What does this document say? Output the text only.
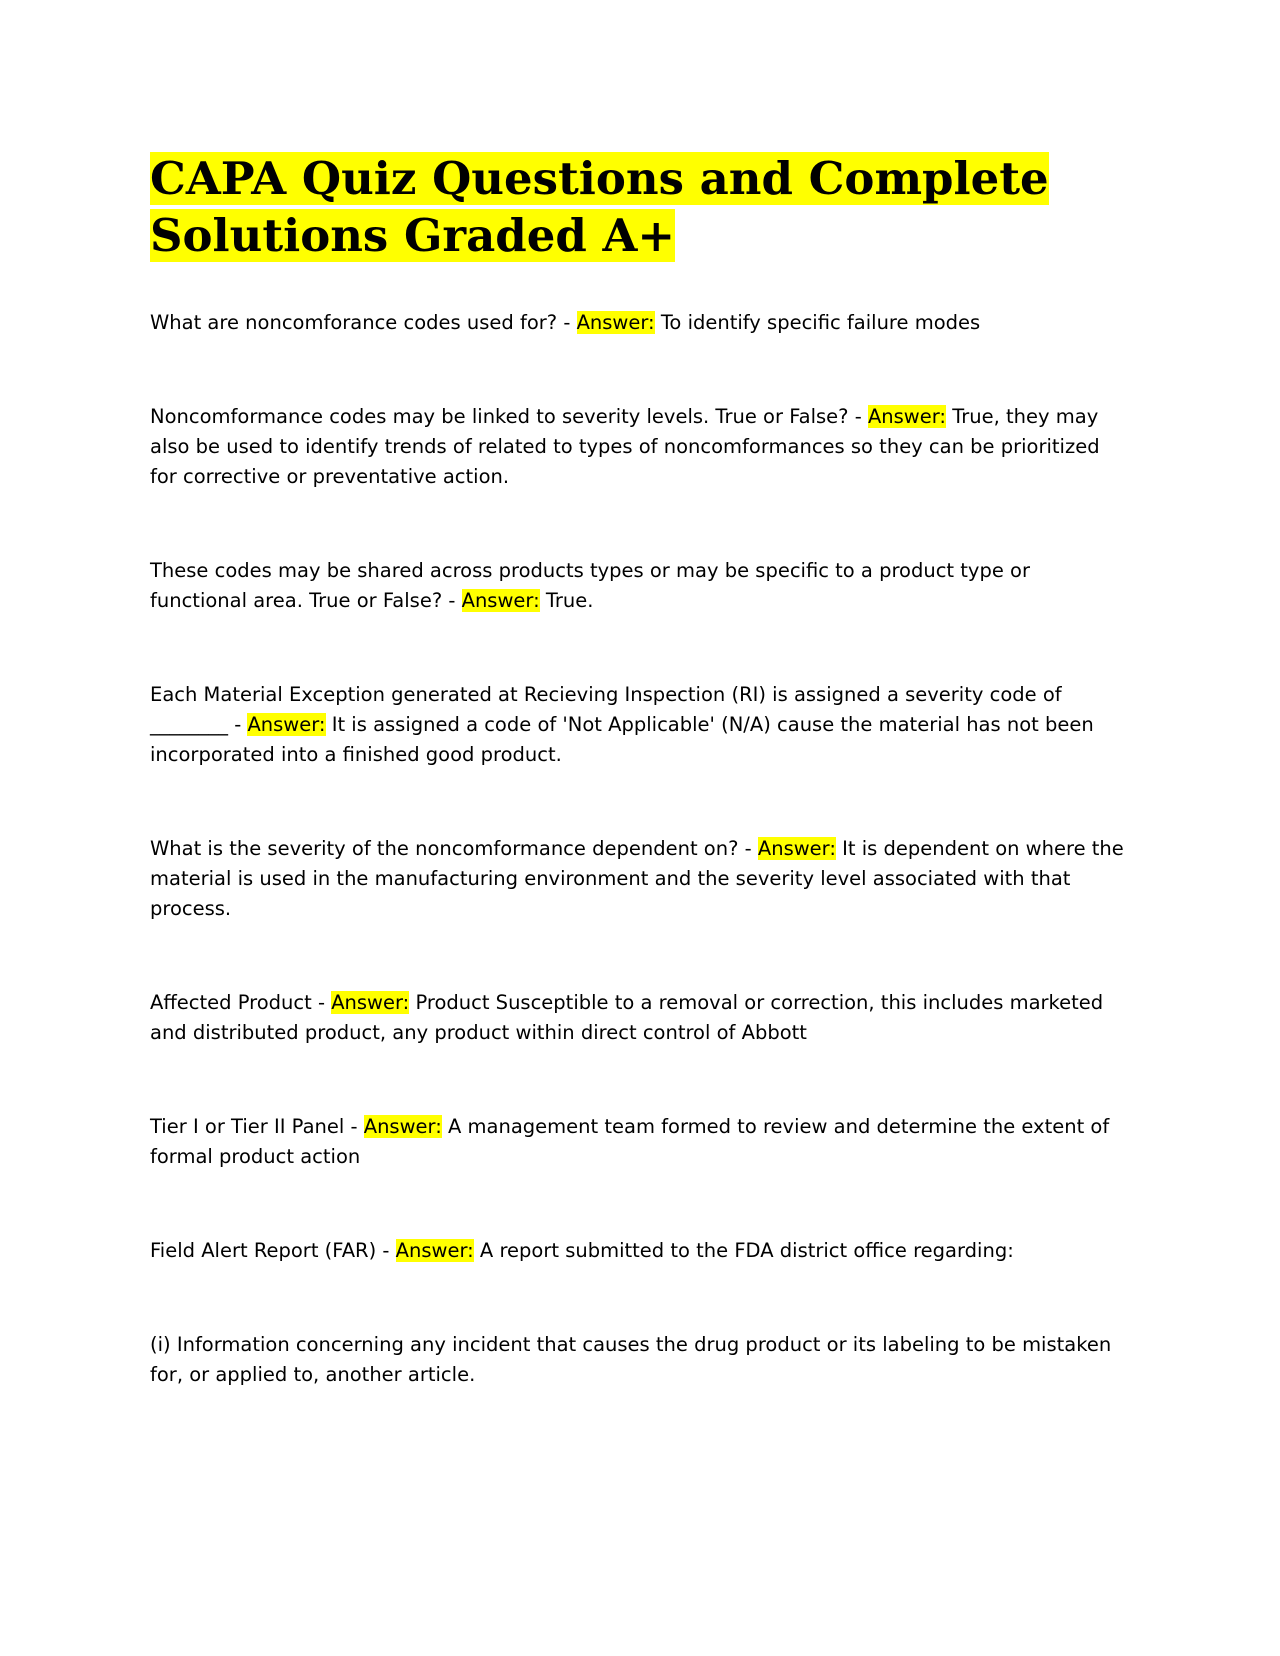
CAPA Quiz Questions and Complete
Solutions Graded A+

What are noncomforance codes used for? - Answer: To identify specific failure modes

Noncomformance codes may be linked to severity levels. True or False? - Answer: True, they may also be used to identify trends of related to types of noncomformances so they can be prioritized for corrective or preventative action.

These codes may be shared across products types or may be specific to a product type or functional area. True or False? - Answer: True.

Each Material Exception generated at Recieving Inspection (RI) is assigned a severity code of ________ - Answer: It is assigned a code of 'Not Applicable' (N/A) cause the material has not been incorporated into a finished good product.

What is the severity of the noncomformance dependent on? - Answer: It is dependent on where the material is used in the manufacturing environment and the severity level associated with that process.

Affected Product - Answer: Product Susceptible to a removal or correction, this includes marketed and distributed product, any product within direct control of Abbott

Tier I or Tier II Panel - Answer: A management team formed to review and determine the extent of formal product action

Field Alert Report (FAR) - Answer: A report submitted to the FDA district office regarding:

(i) Information concerning any incident that causes the drug product or its labeling to be mistaken for, or applied to, another article.
